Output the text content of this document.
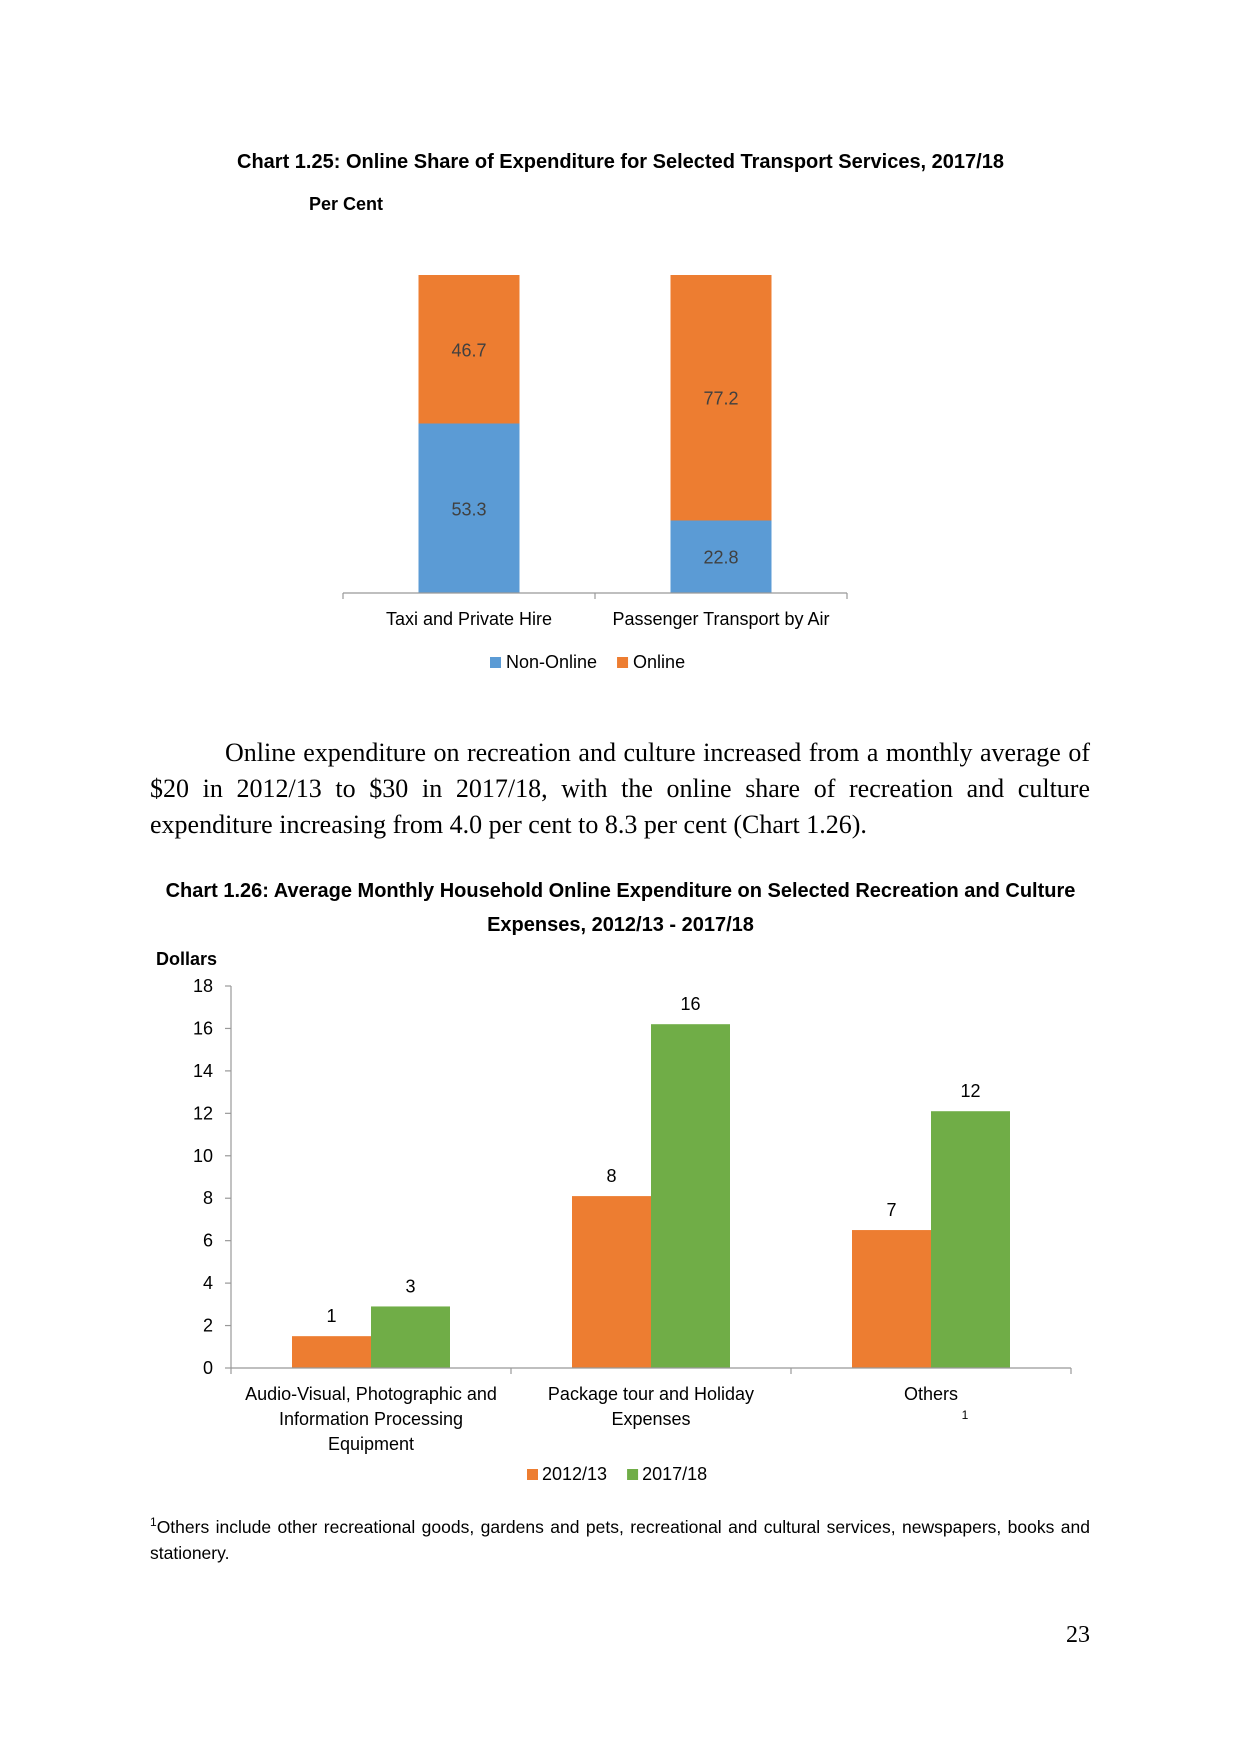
Chart 1.25: Online Share of Expenditure for Selected Transport Services, 2017/18
Per Cent
53.3
46.7
Taxi and Private Hire
22.8
77.2
Passenger Transport by Air
Non-Online Online
Online expenditure on recreation and culture increased from a monthly average of $20 in 2012/13 to $30 in 2017/18, with the online share of recreation and culture expenditure increasing from 4.0 per cent to 8.3 per cent (Chart 1.26).
Chart 1.26: Average Monthly Household Online Expenditure on Selected Recreation and Culture
Expenses, 2012/13 - 2017/18
Dollars
0
2
4
6
8
10
12
14
16
18
1
3
Audio-Visual, Photographic and
Information Processing
Equipment
8
16
Package tour and Holiday
Expenses
7
12
Others
1
2012/13 2017/18
$^1$Others include other recreational goods, gardens and pets, recreational and cultural services, newspapers, books and stationery.
23
